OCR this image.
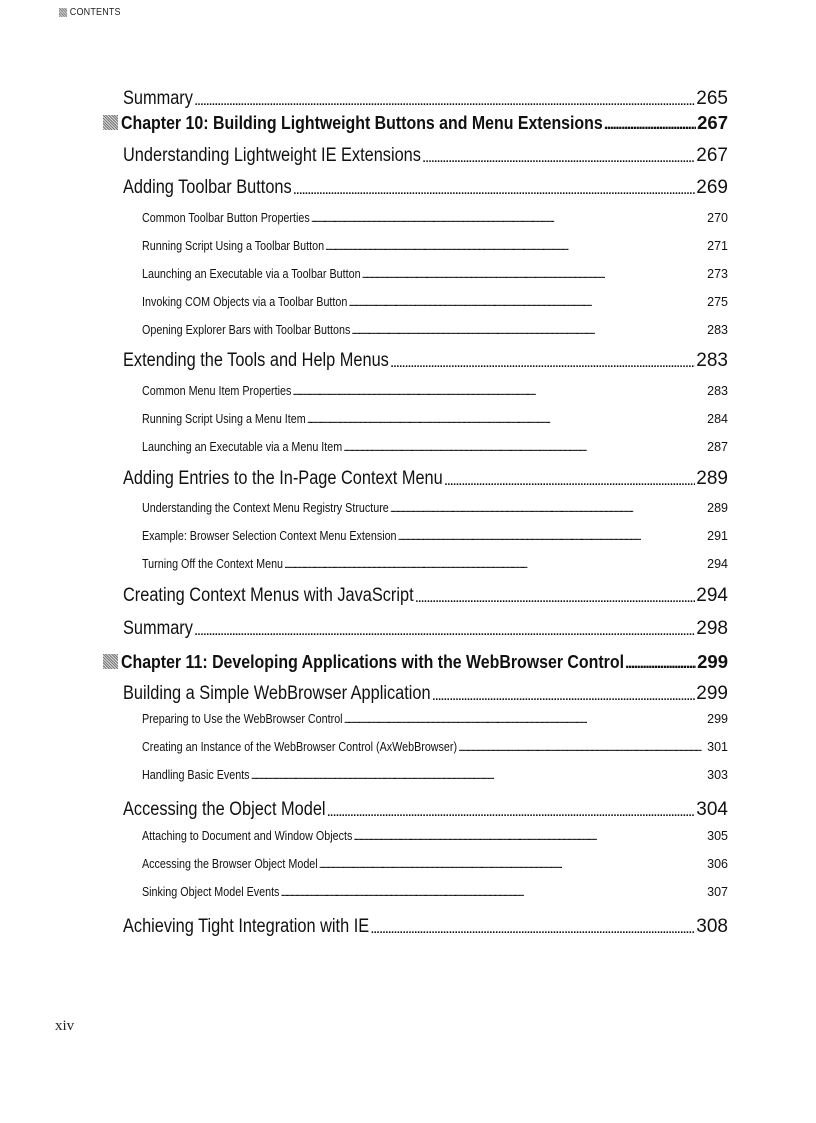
CONTENTS
Summary . . .	265
Chapter 10: Building Lightweight Buttons and Menu Extensions . . .	267
Understanding Lightweight IE Extensions . . .	267
Adding Toolbar Buttons . . .	269
Common Toolbar Button Properties . . .	270
Running Script Using a Toolbar Button . . .	271
Launching an Executable via a Toolbar Button . . .	273
Invoking COM Objects via a Toolbar Button . . .	275
Opening Explorer Bars with Toolbar Buttons . . .	283
Extending the Tools and Help Menus . . .	283
Common Menu Item Properties . . .	283
Running Script Using a Menu Item . . .	284
Launching an Executable via a Menu Item . . .	287
Adding Entries to the In-Page Context Menu . . .	289
Understanding the Context Menu Registry Structure . . .	289
Example: Browser Selection Context Menu Extension . . .	291
Turning Off the Context Menu . . .	294
Creating Context Menus with JavaScript . . .	294
Summary . . .	298
Chapter 11: Developing Applications with the WebBrowser Control . . .	299
Building a Simple WebBrowser Application . . .	299
Preparing to Use the WebBrowser Control . . .	299
Creating an Instance of the WebBrowser Control (AxWebBrowser) . . .	301
Handling Basic Events . . .	303
Accessing the Object Model . . .	304
Attaching to Document and Window Objects . . .	305
Accessing the Browser Object Model . . .	306
Sinking Object Model Events . . .	307
Achieving Tight Integration with IE . . .	308
xiv
